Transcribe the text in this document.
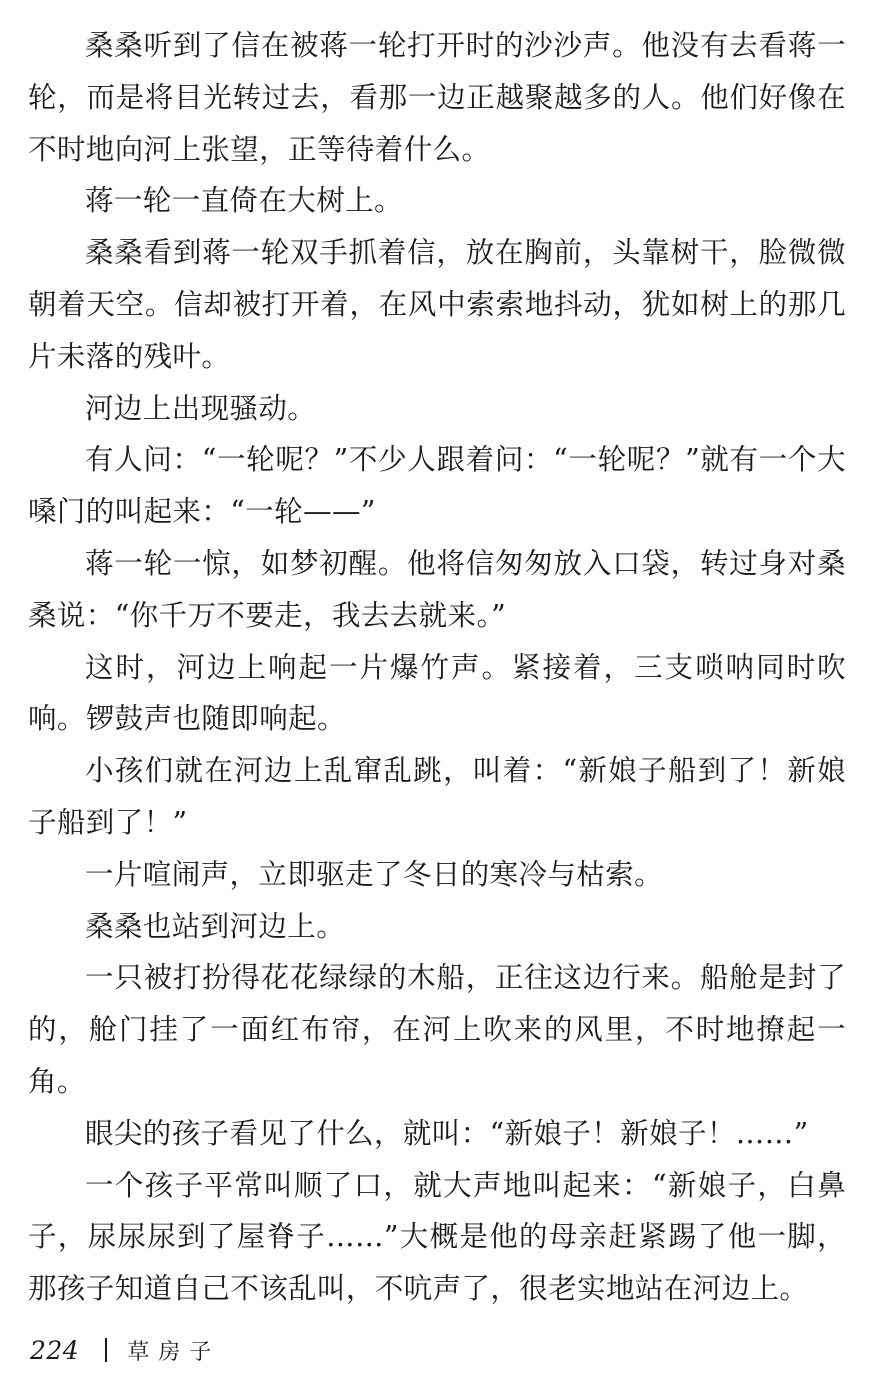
桑桑听到了信在被蒋一轮打开时的沙沙声。他没有去看蒋一轮，而是将目光转过去，看那一边正越聚越多的人。他们好像在不时地向河上张望，正等待着什么。

蒋一轮一直倚在大树上。

桑桑看到蒋一轮双手抓着信，放在胸前，头靠树干，脸微微朝着天空。信却被打开着，在风中索索地抖动，犹如树上的那几片未落的残叶。

河边上出现骚动。

有人问：“一轮呢？”不少人跟着问：“一轮呢？”就有一个大嗓门的叫起来：“一轮——”

蒋一轮一惊，如梦初醒。他将信匆匆放入口袋，转过身对桑桑说：“你千万不要走，我去去就来。”

这时，河边上响起一片爆竹声。紧接着，三支唢呐同时吹响。锣鼓声也随即响起。

小孩们就在河边上乱窜乱跳，叫着：“新娘子船到了！新娘子船到了！”

一片喧闹声，立即驱走了冬日的寒冷与枯索。

桑桑也站到河边上。

一只被打扮得花花绿绿的木船，正往这边行来。船舱是封了的，舱门挂了一面红布帘，在河上吹来的风里，不时地撩起一角。

眼尖的孩子看见了什么，就叫：“新娘子！新娘子！……”

一个孩子平常叫顺了口，就大声地叫起来：“新娘子，白鼻子，尿尿尿到了屋脊子……”大概是他的母亲赶紧踢了他一脚，那孩子知道自己不该乱叫，不吭声了，很老实地站在河边上。

224 草房子
